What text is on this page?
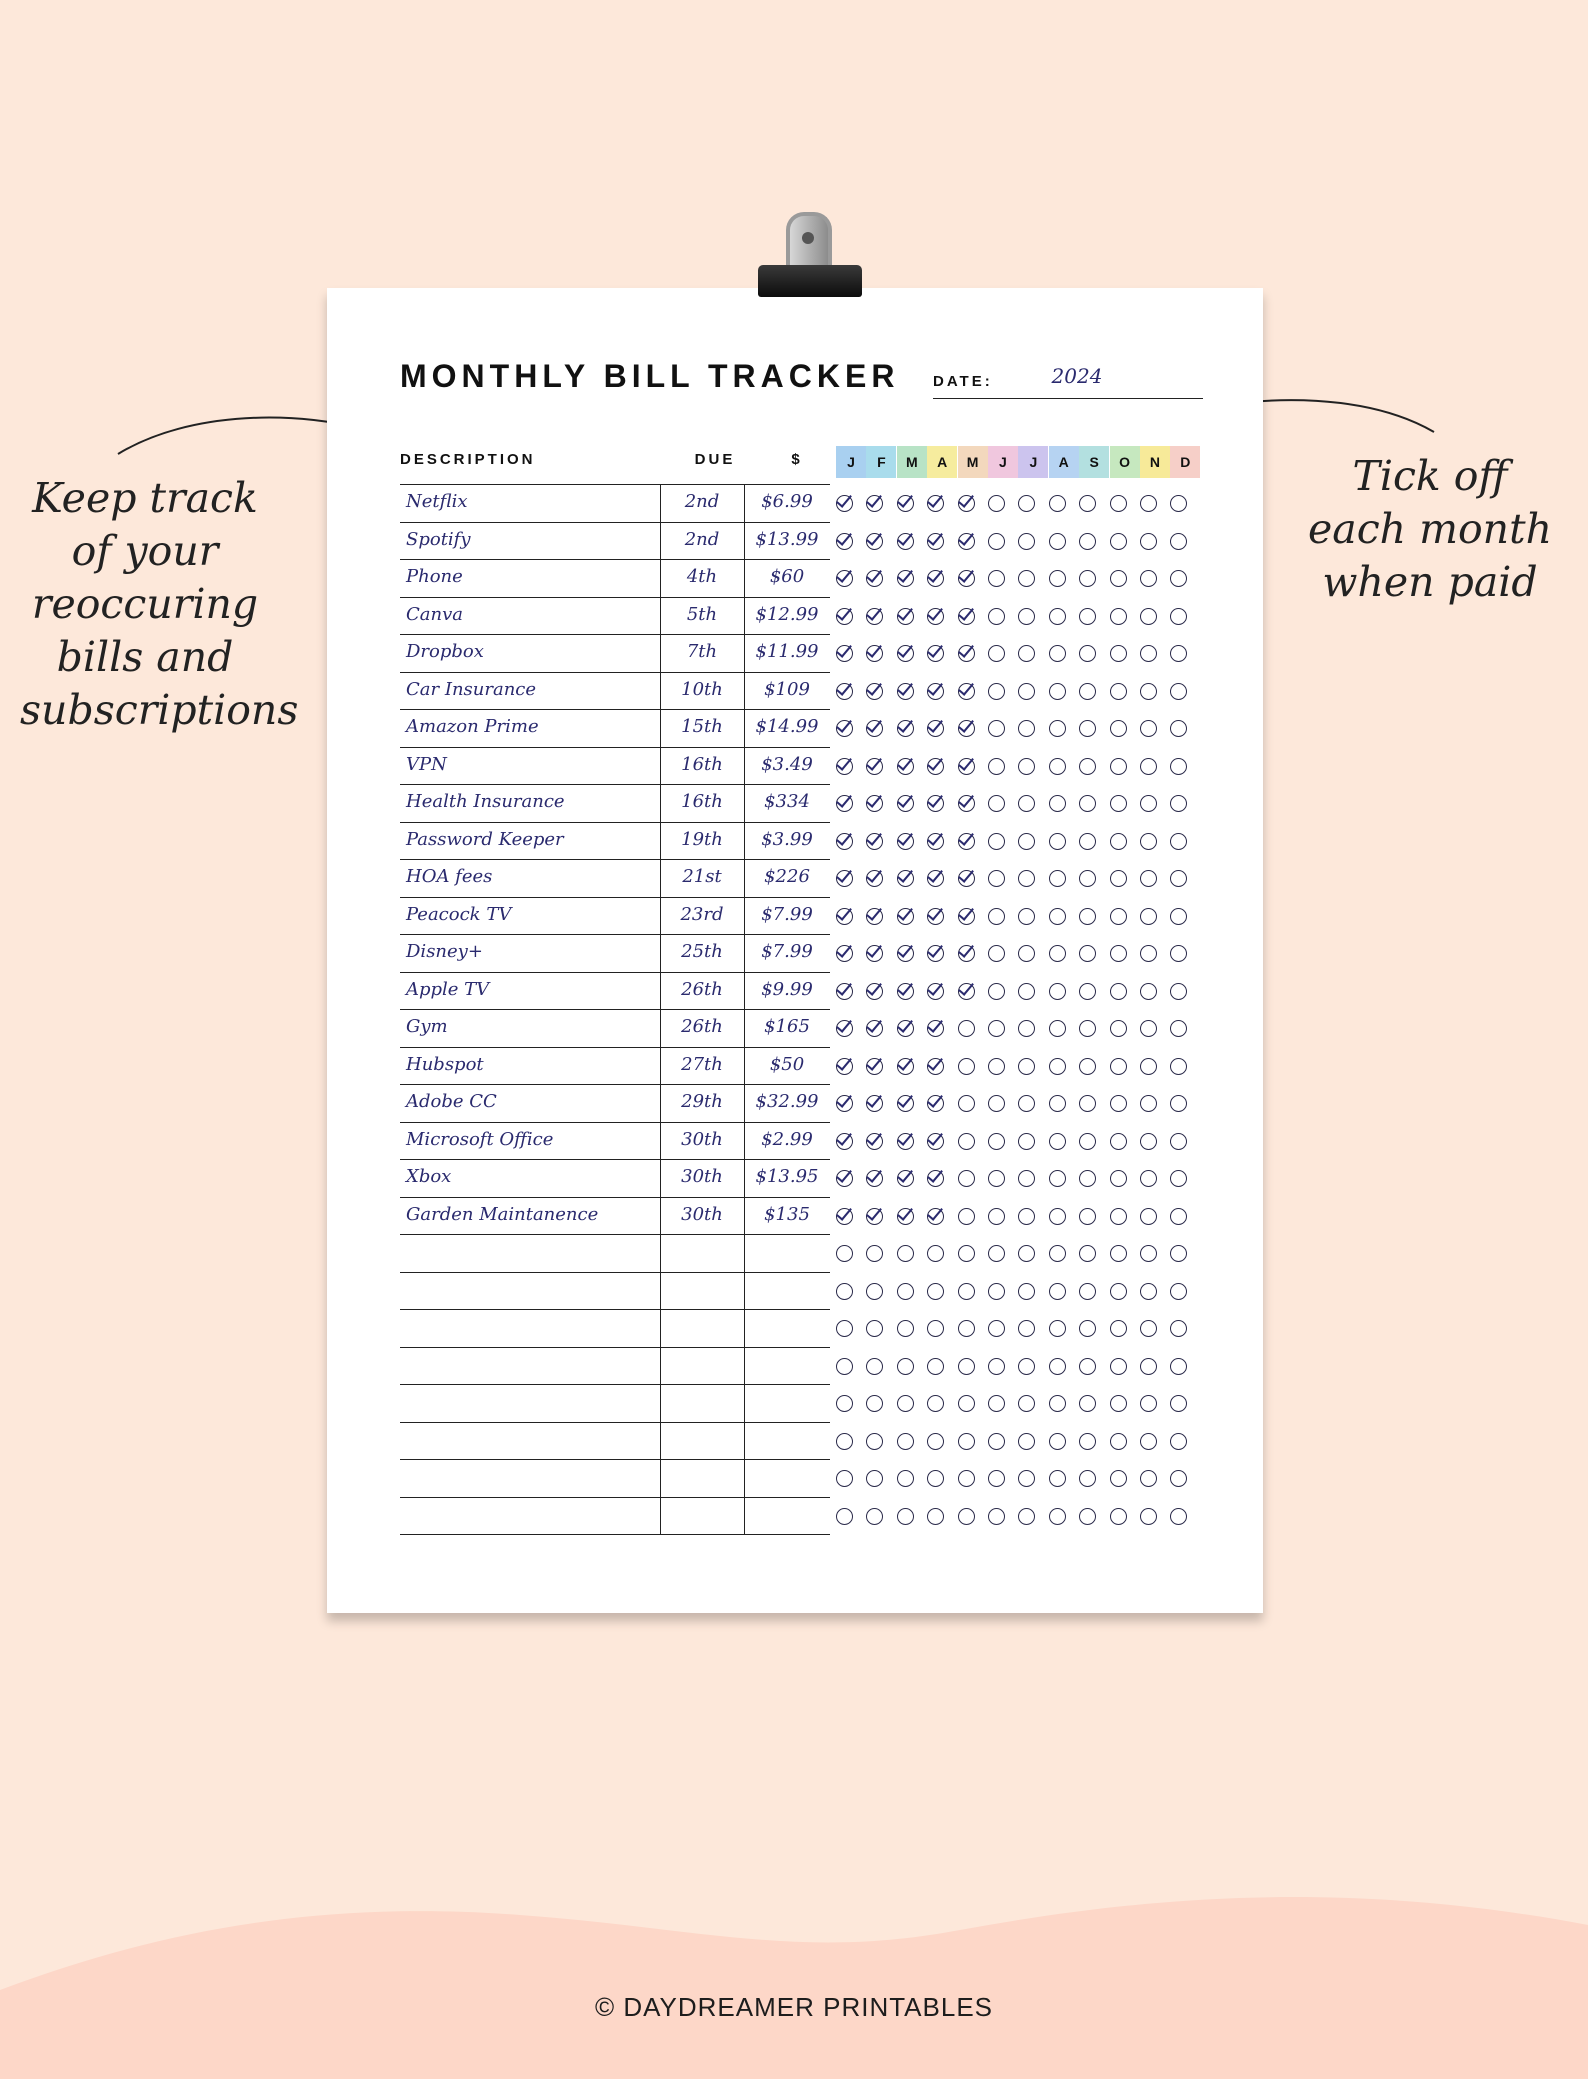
Keep track
of your
reoccuring
bills and
subscriptions
Tick off
each month
when paid
MONTHLY BILL TRACKER DATE:	2024
DESCRIPTION	DUE	$	J	F	M	A	M	J	J	A	S	O	N	D
Netflix	2nd	$6.99
Spotify	2nd	$13.99
Phone	4th	$60
Canva	5th	$12.99
Dropbox	7th	$11.99
Car Insurance	10th	$109
Amazon Prime	15th	$14.99
VPN	16th	$3.49
Health Insurance	16th	$334
Password Keeper	19th	$3.99
HOA fees	21st	$226
Peacock TV	23rd	$7.99
Disney+	25th	$7.99
Apple TV	26th	$9.99
Gym	26th	$165
Hubspot	27th	$50
Adobe CC	29th	$32.99
Microsoft Office	30th	$2.99
Xbox	30th	$13.95
Garden Maintanence	30th	$135
© DAYDREAMER PRINTABLES
